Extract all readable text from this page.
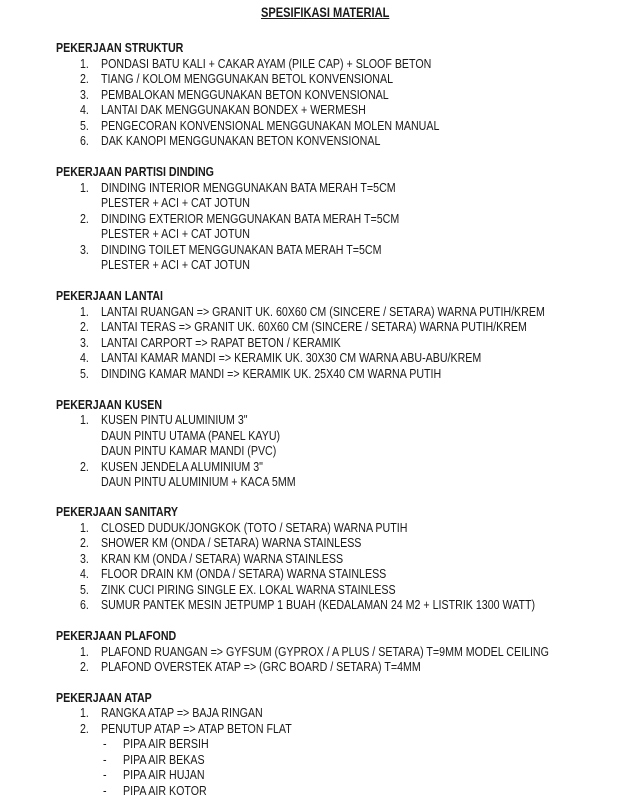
SPESIFIKASI MATERIAL
PEKERJAAN STRUKTUR
1. PONDASI BATU KALI + CAKAR AYAM (PILE CAP) + SLOOF BETON
2. TIANG / KOLOM MENGGUNAKAN BETOL KONVENSIONAL
3. PEMBALOKAN MENGGUNAKAN BETON KONVENSIONAL
4. LANTAI DAK MENGGUNAKAN BONDEX + WERMESH
5. PENGECORAN KONVENSIONAL MENGGUNAKAN MOLEN MANUAL
6. DAK KANOPI MENGGUNAKAN BETON KONVENSIONAL
PEKERJAAN PARTISI DINDING
1. DINDING INTERIOR MENGGUNAKAN BATA MERAH T=5CM
PLESTER + ACI + CAT JOTUN
2. DINDING EXTERIOR MENGGUNAKAN BATA MERAH T=5CM
PLESTER + ACI + CAT JOTUN
3. DINDING TOILET MENGGUNAKAN BATA MERAH T=5CM
PLESTER + ACI + CAT JOTUN
PEKERJAAN LANTAI
1. LANTAI RUANGAN => GRANIT UK. 60X60 CM (SINCERE / SETARA) WARNA PUTIH/KREM
2. LANTAI TERAS => GRANIT UK. 60X60 CM (SINCERE / SETARA) WARNA PUTIH/KREM
3. LANTAI CARPORT => RAPAT BETON / KERAMIK
4. LANTAI KAMAR MANDI => KERAMIK UK. 30X30 CM WARNA ABU-ABU/KREM
5. DINDING KAMAR MANDI => KERAMIK UK. 25X40 CM WARNA PUTIH
PEKERJAAN KUSEN
1. KUSEN PINTU ALUMINIUM 3"
DAUN PINTU UTAMA (PANEL KAYU)
DAUN PINTU KAMAR MANDI (PVC)
2. KUSEN JENDELA ALUMINIUM 3"
DAUN PINTU ALUMINIUM + KACA 5MM
PEKERJAAN SANITARY
1. CLOSED DUDUK/JONGKOK (TOTO / SETARA) WARNA PUTIH
2. SHOWER KM (ONDA / SETARA) WARNA STAINLESS
3. KRAN KM (ONDA / SETARA) WARNA STAINLESS
4. FLOOR DRAIN KM (ONDA / SETARA) WARNA STAINLESS
5. ZINK CUCI PIRING SINGLE EX. LOKAL WARNA STAINLESS
6. SUMUR PANTEK MESIN JETPUMP 1 BUAH (KEDALAMAN 24 M2 + LISTRIK 1300 WATT)
PEKERJAAN PLAFOND
1. PLAFOND RUANGAN => GYFSUM (GYPROX / A PLUS / SETARA) T=9MM MODEL CEILING
2. PLAFOND OVERSTEK ATAP => (GRC BOARD / SETARA) T=4MM
PEKERJAAN ATAP
1. RANGKA ATAP => BAJA RINGAN
2. PENUTUP ATAP => ATAP BETON FLAT
- PIPA AIR BERSIH
- PIPA AIR BEKAS
- PIPA AIR HUJAN
- PIPA AIR KOTOR
